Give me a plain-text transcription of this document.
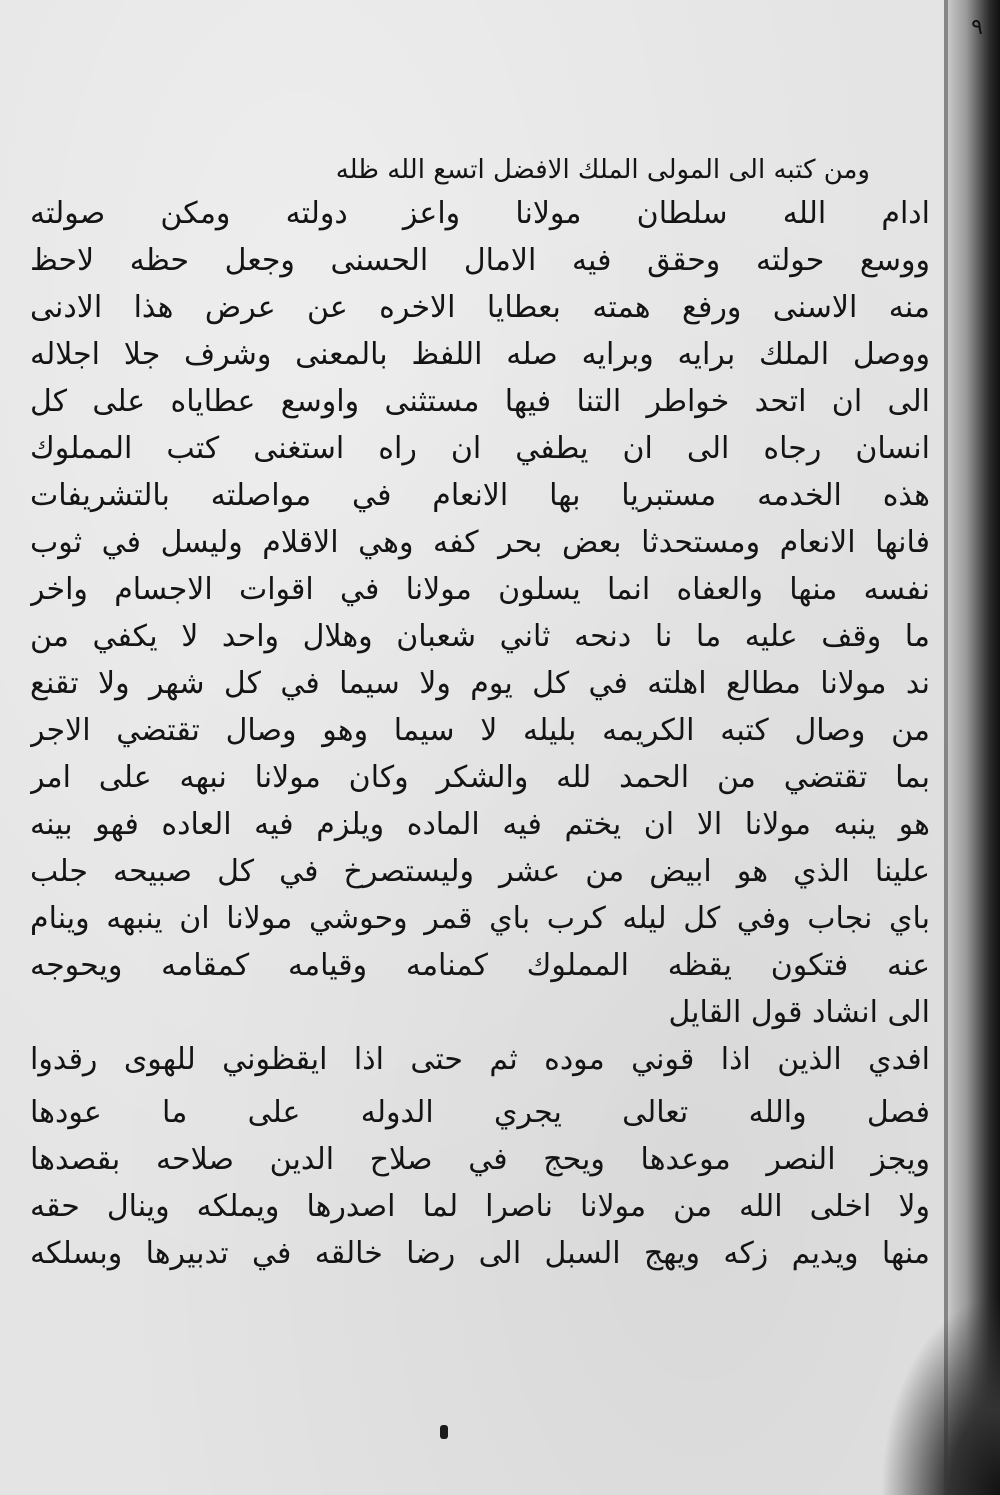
٩
ومن كتبه الى المولى الملك الافضل اتسع الله ظله
ادام الله سلطان مولانا واعز دولته ومكن صولته
ووسع حولته وحقق فيه الامال الحسنى وجعل حظه لاحظ
منه الاسنى ورفع همته بعطايا الاخره عن عرض هذا الادنى
ووصل الملك برايه وبرايه صله اللفظ بالمعنى وشرف جلا اجلاله
الى ان اتحد خواطر التنا فيها مستثنى واوسع عطاياه على كل
انسان رجاه الى ان يطفي ان راه استغنى كتب المملوك
هذه الخدمه مستبريا بها الانعام في مواصلته بالتشريفات
فانها الانعام ومستحدثا بعض بحر كفه وهي الاقلام وليسل في ثوب
نفسه منها والعفاه انما يسلون مولانا في اقوات الاجسام واخر
ما وقف عليه ما نا دنحه ثاني شعبان وهلال واحد لا يكفي من
ند مولانا مطالع اهلته في كل يوم ولا سيما في كل شهر ولا تقنع
من وصال كتبه الكريمه بليله لا سيما وهو وصال تقتضي الاجر
بما تقتضي من الحمد لله والشكر وكان مولانا نبهه على امر
هو ينبه مولانا الا ان يختم فيه الماده ويلزم فيه العاده فهو بينه
علينا الذي هو ابيض من عشر وليستصرخ في كل صبيحه جلب
باي نجاب وفي كل ليله كرب باي قمر وحوشي مولانا ان ينبهه وينام
عنه فتكون يقظه المملوك كمنامه وقيامه كمقامه ويحوجه
الى انشاد قول القايل
افدي الذين اذا قوني موده ثم حتى اذا ايقظوني للهوى رقدوا
فصل والله تعالى يجري الدوله على ما عودها
ويجز النصر موعدها ويحج في صلاح الدين صلاحه بقصدها
ولا اخلى الله من مولانا ناصرا لما اصدرها ويملكه وينال حقه
منها ويديم زكه ويهج السبل الى رضا خالقه في تدبيرها وبسلكه
